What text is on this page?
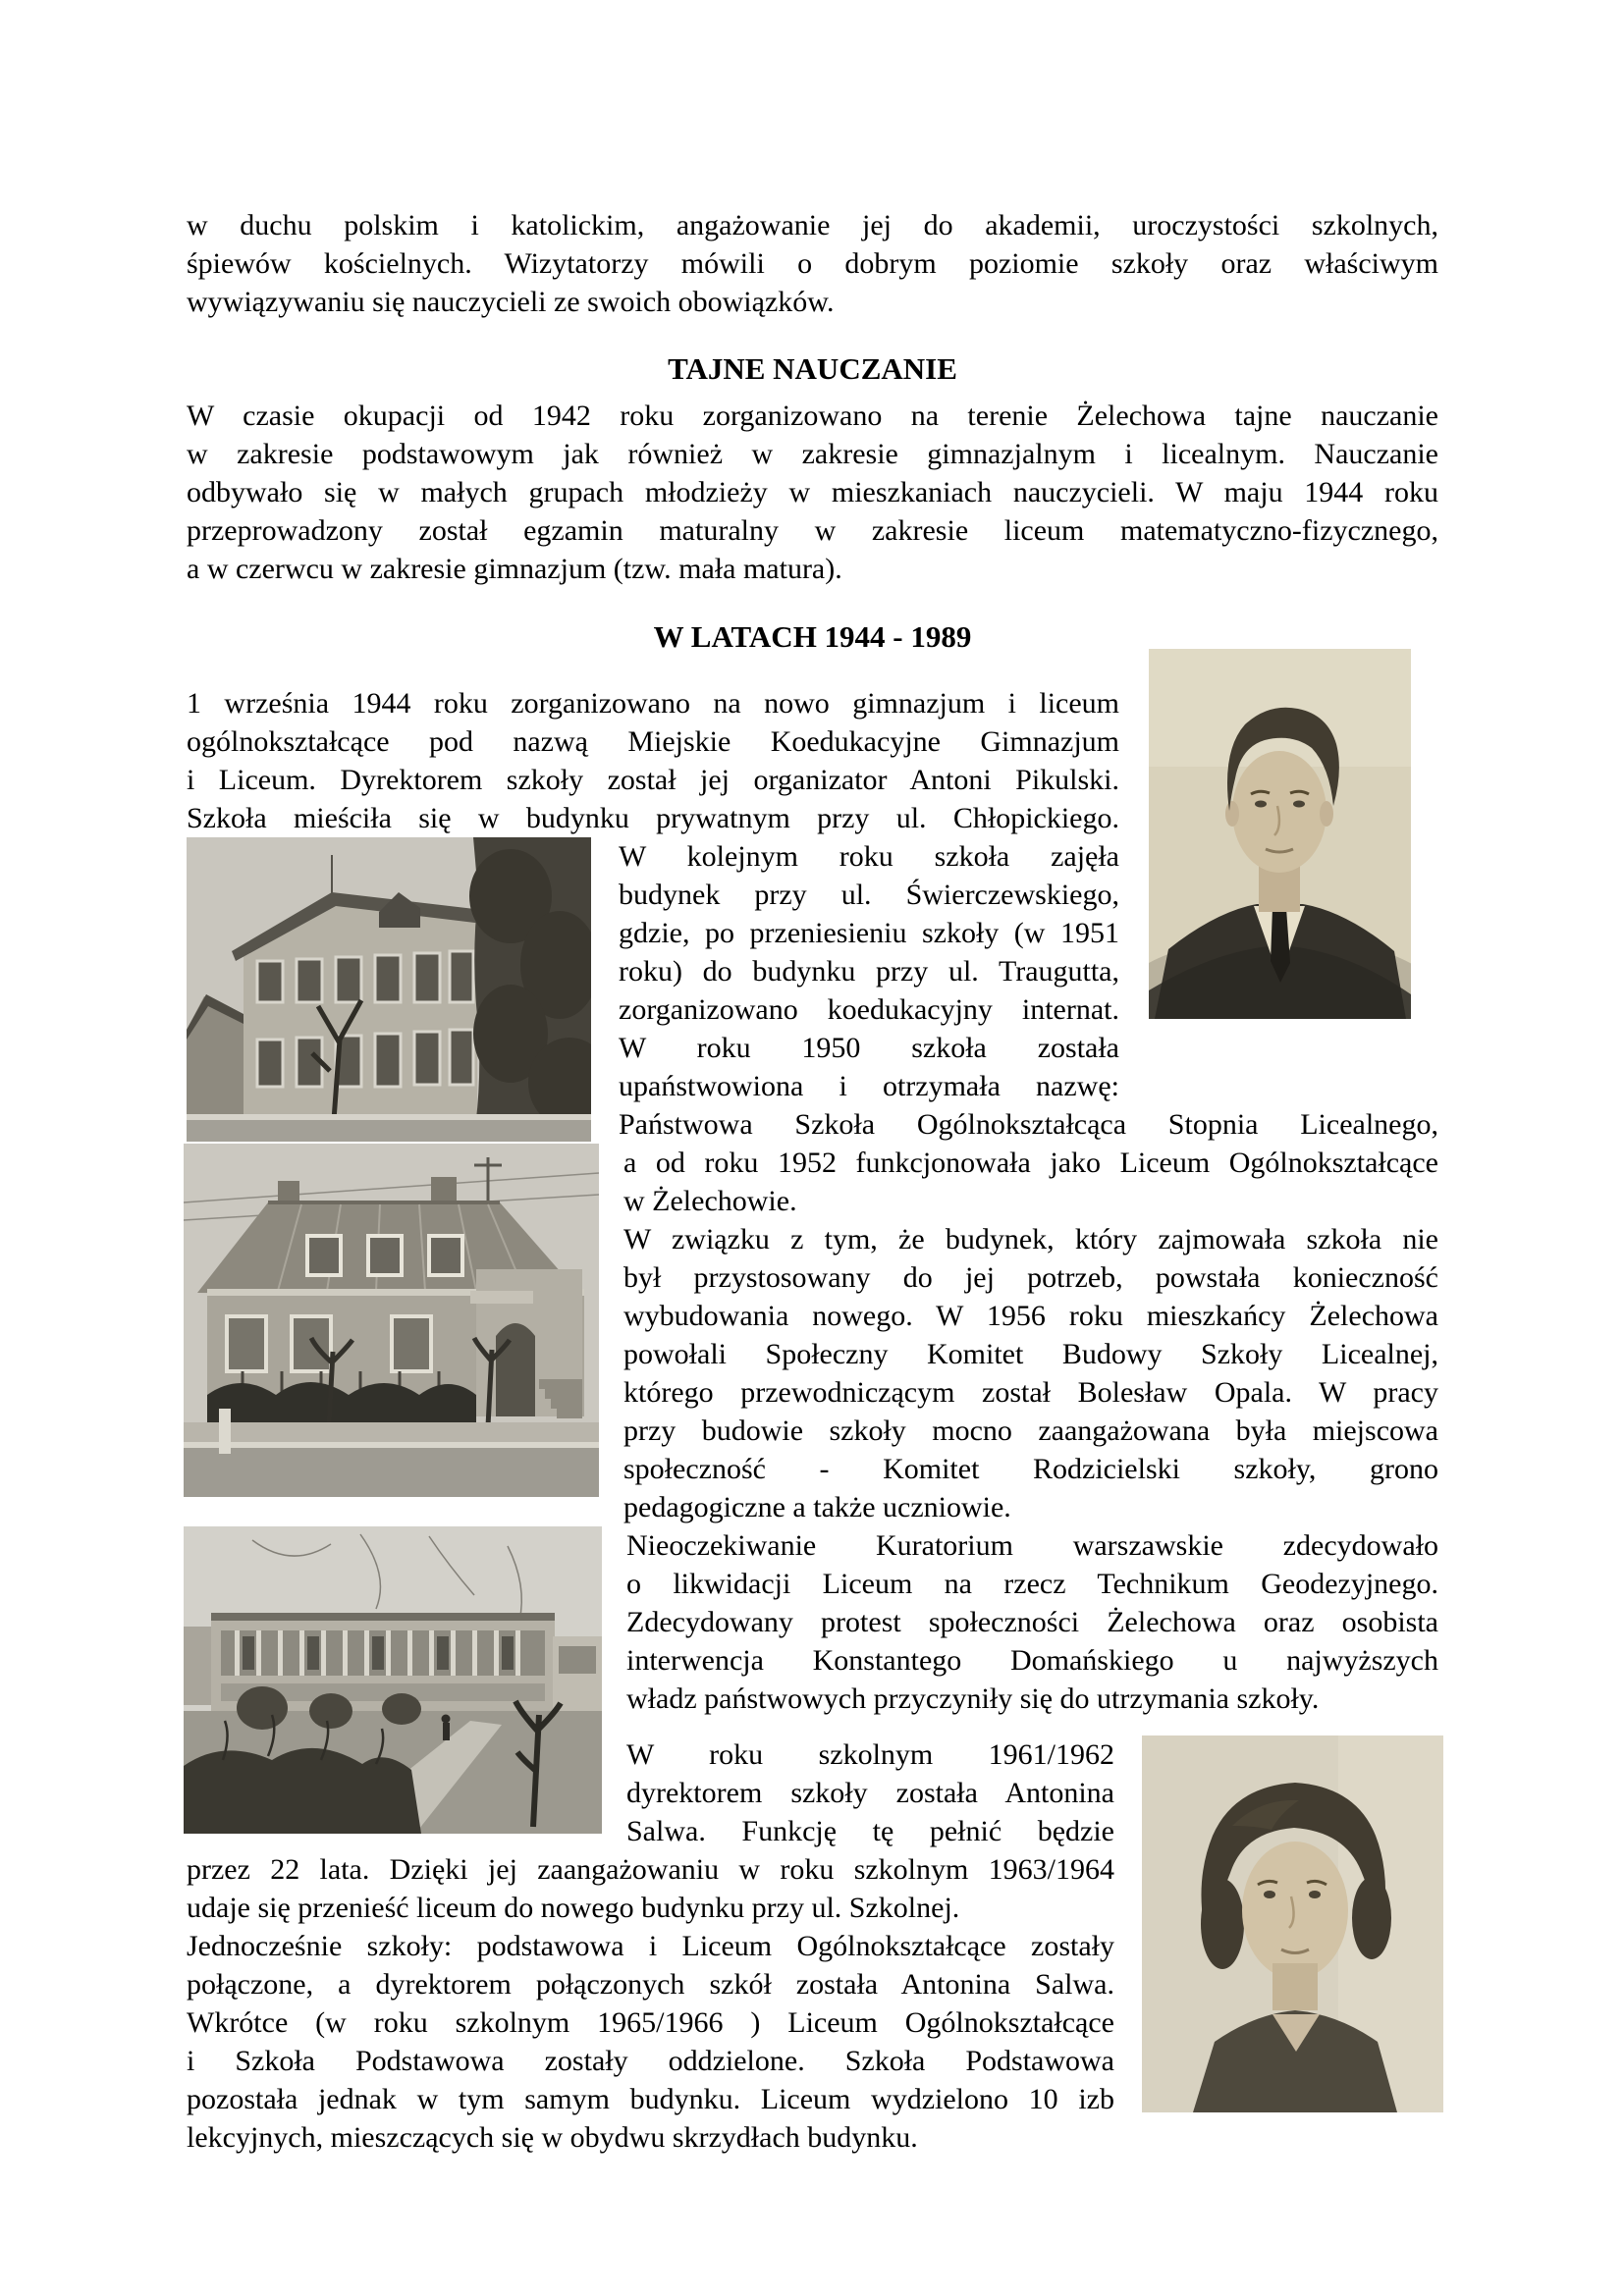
w duchu polskim i katolickim, angażowanie jej do akademii, uroczystości szkolnych,
śpiewów kościelnych. Wizytatorzy mówili o dobrym poziomie szkoły oraz właściwym
wywiązywaniu się nauczycieli ze swoich obowiązków.
TAJNE NAUCZANIE
W czasie okupacji od 1942 roku zorganizowano na terenie Żelechowa tajne nauczanie
w zakresie podstawowym jak również w zakresie gimnazjalnym i licealnym. Nauczanie
odbywało się w małych grupach młodzieży w mieszkaniach nauczycieli. W maju 1944 roku
przeprowadzony został egzamin maturalny w zakresie liceum matematyczno-fizycznego,
a w czerwcu w zakresie gimnazjum (tzw. mała matura).
W LATACH 1944 - 1989
1 września 1944 roku zorganizowano na nowo gimnazjum i liceum
ogólnokształcące pod nazwą Miejskie Koedukacyjne Gimnazjum
i Liceum. Dyrektorem szkoły został jej organizator Antoni Pikulski.
Szkoła mieściła się w budynku prywatnym przy ul. Chłopickiego.
W kolejnym roku szkoła zajęła
budynek przy ul. Świerczewskiego,
gdzie, po przeniesieniu szkoły (w 1951
roku) do budynku przy ul. Traugutta,
zorganizowano koedukacyjny internat.
W roku 1950 szkoła została
upaństwowiona i otrzymała nazwę:
Państwowa Szkoła Ogólnokształcąca Stopnia Licealnego,
a od roku 1952 funkcjonowała jako Liceum Ogólnokształcące
w Żelechowie.
W związku z tym, że budynek, który zajmowała szkoła nie
był przystosowany do jej potrzeb, powstała konieczność
wybudowania nowego. W 1956 roku mieszkańcy Żelechowa
powołali Społeczny Komitet Budowy Szkoły Licealnej,
którego przewodniczącym został Bolesław Opala. W pracy
przy budowie szkoły mocno zaangażowana była miejscowa
społeczność - Komitet Rodzicielski szkoły, grono
pedagogiczne a także uczniowie.
Nieoczekiwanie Kuratorium warszawskie zdecydowało
o likwidacji Liceum na rzecz Technikum Geodezyjnego.
Zdecydowany protest społeczności Żelechowa oraz osobista
interwencja Konstantego Domańskiego u najwyższych
władz państwowych przyczyniły się do utrzymania szkoły.
W roku szkolnym 1961/1962
dyrektorem szkoły została Antonina
Salwa. Funkcję tę pełnić będzie
przez 22 lata. Dzięki jej zaangażowaniu w roku szkolnym 1963/1964
udaje się przenieść liceum do nowego budynku przy ul. Szkolnej.
Jednocześnie szkoły: podstawowa i Liceum Ogólnokształcące zostały
połączone, a dyrektorem połączonych szkół została Antonina Salwa.
Wkrótce (w roku szkolnym 1965/1966 ) Liceum Ogólnokształcące
i Szkoła Podstawowa zostały oddzielone. Szkoła Podstawowa
pozostała jednak w tym samym budynku. Liceum wydzielono 10 izb
lekcyjnych, mieszczących się w obydwu skrzydłach budynku.
